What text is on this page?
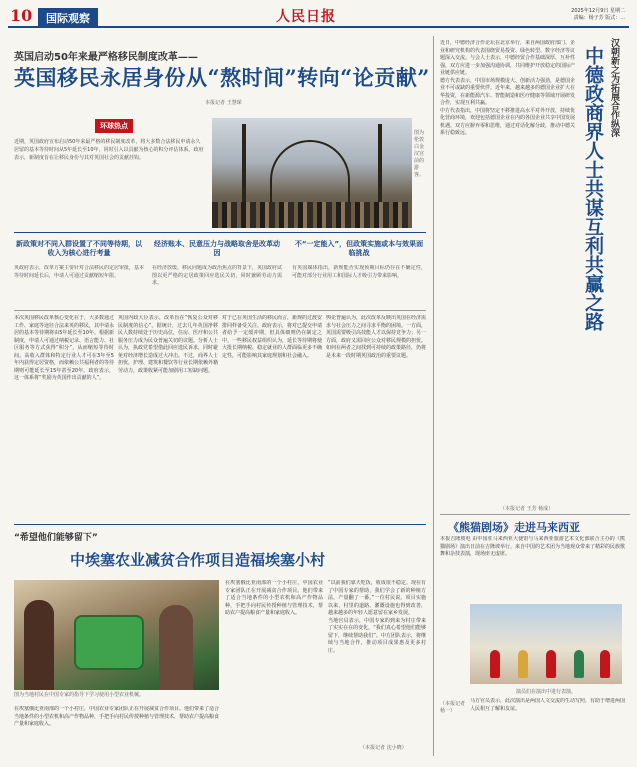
10	国际观察	人民日报	2025年12月9日 星期二
责编：杨子芳 版式：...
英国启动50年来最严格移民制度改革——
英国移民永居身份从“熬时间”转向“论贡献”
本报记者 王慧琛
环球热点
近期，英国政府宣布启动50年来最严格的移民制度改革，将大多数合法移民申请永久居留的基本等待时间从5年延长至10年，同时引入以贡献为核心的积分评估体系。政府表示，新制度旨在让移民身份与其对英国社会的贡献挂钩。
图为伦敦白金汉宫前的游客。
新政策对不同入群设置了不同等待期，以收入为核心进行考量
经济账本、民意压力与战略取舍是改革动因
不“一定能入”，但政策实施或本与效果面临挑战
英政府表示，改革方案主要针对合法移民的定居审批，基本等待时间延长后，申请人可通过贡献缩短年限。
在经济放缓、移民问题成为政治焦点的背景下，英国政府试图以更严格的定居政策回应选民关切，同时兼顾劳动力需求。
有英国媒体指出，新规能否实现预期目标仍存在不确定性，可能对部分行业用工和国际人才吸引力带来影响。
本次英国移民改革核心变化在于，大多数通过工作、家庭等途径合法来英的移民，其申请永居的基本等待期将由5年延长至10年。根据新制度，申请人可通过纳税记录、语言能力、社区服务等方式获得“积分”，从而缩短等待时间。高收入群体和特定行业人才可在3年至5年内获得定居资格，而依赖公共福利者的等待期则可能延长至15年甚至20年。政府表示，这一体系将“奖励为英国作出贡献的人”。
英国内政大臣表示，改革旨在“恢复公众对移民制度的信心”。据统计，过去几年英国净移民人数持续处于历史高位，住房、医疗和公共服务压力成为民众普遍关切的议题。分析人士认为，执政党希望借此回应选民诉求，同时避免对经济增长造成过大冲击。不过，商界人士担忧，护理、建筑和餐饮等行业长期依赖外籍劳动力，政策收紧可能加剧用工短缺问题。
对于已在英国生活的移民而言，新规的过渡安排同样备受关注。政府表示，将对已提交申请者给予一定缓冲期，但具体细则仍在制定之中。一些移民权益组织认为，延长等待期将使大批长期纳税、稳定就业的人群面临更多不确定性，可能影响其家庭规划和社会融入。
舆论普遍认为，此次改革反映出英国在经济需求与社会压力之间寻求平衡的困境。一方面，英国需要吸引高技能人才以保持竞争力；另一方面，政府又需回应公众对移民规模的担忧。如何在两者之间找到可持续的政策路径，仍将是未来一段时期英国政治的重要议题。
近日，中德经济合作论坛在北京举行，来自两国政府部门、企业和研究机构的代表围绕贸易投资、绿色转型、数字经济等议题深入交流。与会人士表示，中德经贸合作基础深厚、互补性强，双方应进一步加强沟通协调，共同维护开放稳定的国际产业链供应链。
德方代表表示，中国市场规模庞大、创新活力强劲，是德国企业不可或缺的重要伙伴。近年来，越来越多的德国企业扩大在华投资，在新能源汽车、智能制造和医疗健康等领域开展研发合作，实现互利共赢。
中方代表指出，中国将坚定不移推进高水平对外开放，持续优化营商环境，欢迎包括德国企业在内的各国企业共享中国发展机遇。双方应摒弃零和思维，通过对话化解分歧，推动中德关系行稳致远。
（本报记者 王芳 杨成）
汉朝新之为拓展合作纵深
中德政商界人士共谋互利共赢之路
《熊猫剧场》走进马来西亚
本报吉隆坡电 由中国驻马来西亚大使馆与马来西亚旅游艺术文化部联合主办的《熊猫剧场》演出日前在吉隆坡举行。来自中国的艺术团为当地观众带来了精彩的民族歌舞和杂技表演，现场座无虚席。
演员们在演出中进行表演。
马方官员表示，此次演出是两国人文交流的生动写照，有助于增进两国人民相互了解和友谊。
（本报记者 杨一）
“希望他们能够留下”
中埃塞农业减贫合作项目造福埃塞小村
图为当地村民在中国专家的指导下学习使用小型农业机械。
在埃塞俄比亚南部的一个小村庄，中国农业专家团队正在开展减贫合作项目。他们带来了适合当地条件的小型农机和高产作物品种，手把手向村民传授种植与管理技术，帮助农户提高粮食产量和家庭收入。
“以前我们靠天吃饭，收成很不稳定。现在有了中国专家的帮助，我们学会了新的种植方法，产量翻了一番。”一位村民说。项目实施以来，村里的道路、灌溉设施也得到改善，越来越多的年轻人愿意留在家乡发展。
当地官员表示，中国专家的到来为村庄带来了实实在在的变化，“我们真心希望他们能够留下，继续帮助我们”。中方团队表示，将继续与当地合作，推动项目成果惠及更多村庄。
在埃塞俄比亚南部的一个小村庄，中国农业专家团队正在开展减贫合作项目。他们带来了适合当地条件的小型农机和高产作物品种，手把手向村民传授种植与管理技术，帮助农户提高粮食产量和家庭收入。
（本报记者 沈小晓）
